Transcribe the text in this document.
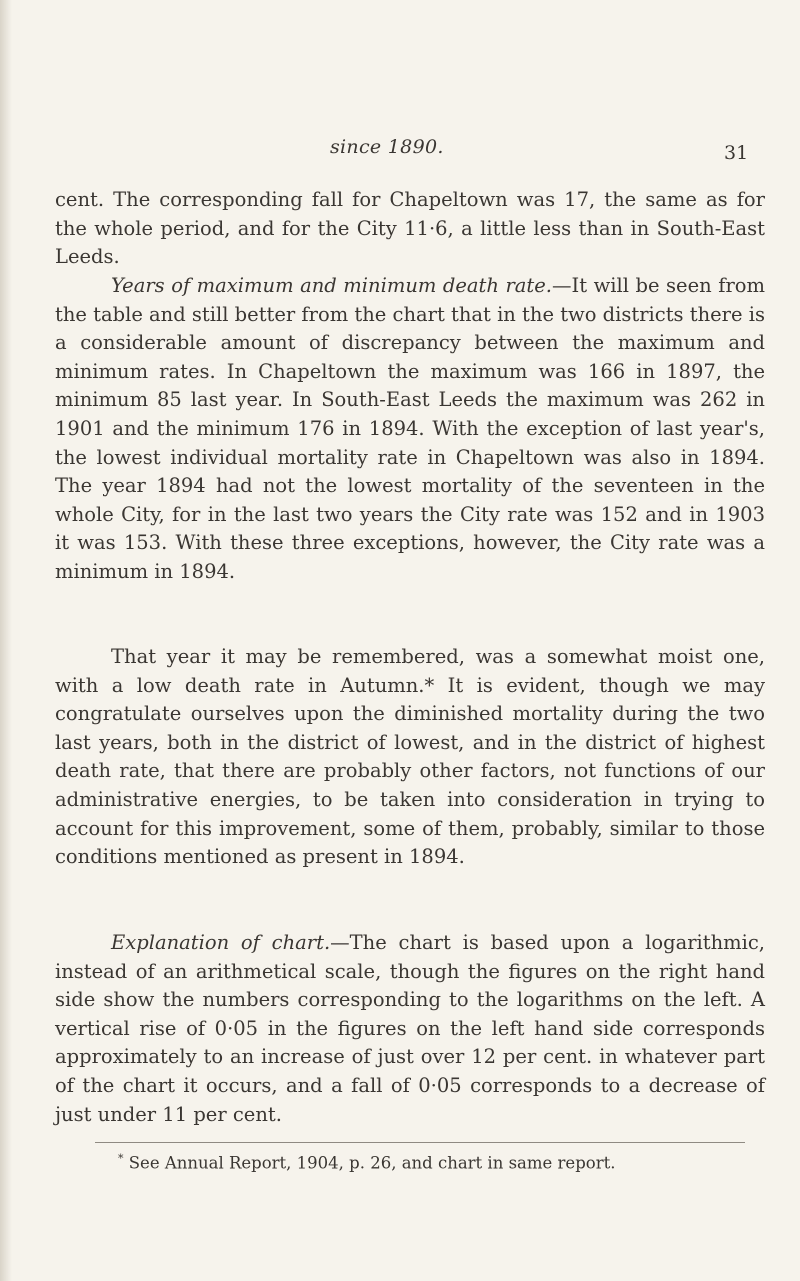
since 1890.	31

cent. The corresponding fall for Chapeltown was 17, the same as for the whole period, and for the City 11·6, a little less than in South-East Leeds.

Years of maximum and minimum death rate.—It will be seen from the table and still better from the chart that in the two districts there is a considerable amount of discrepancy between the maximum and minimum rates. In Chapeltown the maximum was 166 in 1897, the minimum 85 last year. In South-East Leeds the maximum was 262 in 1901 and the minimum 176 in 1894. With the exception of last year's, the lowest individual mortality rate in Chapeltown was also in 1894. The year 1894 had not the lowest mortality of the seventeen in the whole City, for in the last two years the City rate was 152 and in 1903 it was 153. With these three exceptions, however, the City rate was a minimum in 1894.

That year it may be remembered, was a somewhat moist one, with a low death rate in Autumn.* It is evident, though we may congratulate ourselves upon the diminished mortality during the two last years, both in the district of lowest, and in the district of highest death rate, that there are probably other factors, not functions of our administrative energies, to be taken into consideration in trying to account for this improvement, some of them, probably, similar to those conditions mentioned as present in 1894.

Explanation of chart.—The chart is based upon a logarithmic, instead of an arithmetical scale, though the figures on the right hand side show the numbers corresponding to the logarithms on the left. A vertical rise of 0·05 in the figures on the left hand side corresponds approximately to an increase of just over 12 per cent. in whatever part of the chart it occurs, and a fall of 0·05 corresponds to a decrease of just under 11 per cent.

* See Annual Report, 1904, p. 26, and chart in same report.
